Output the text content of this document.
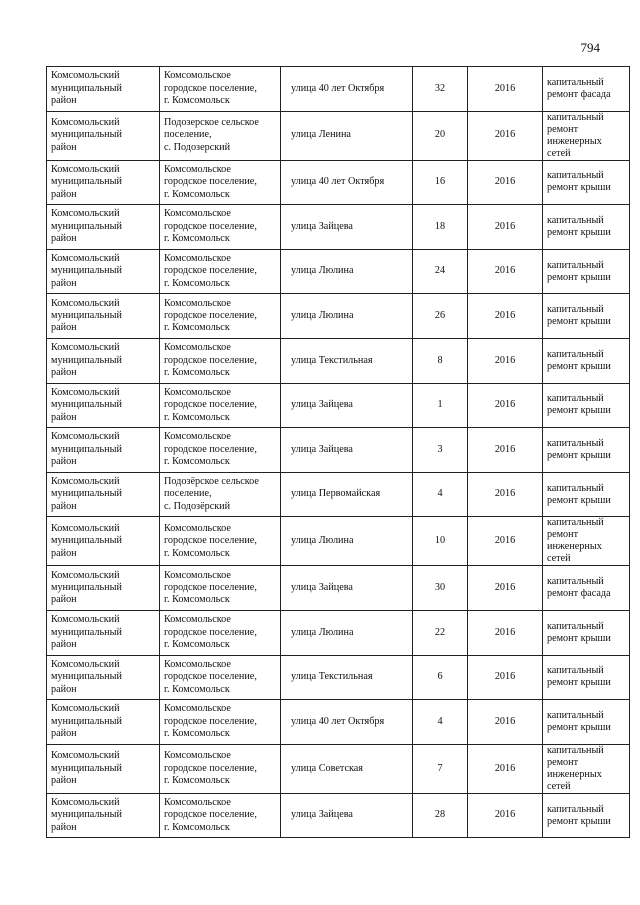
794
Комсомольский
муниципальный
район	Комсомольское
городское поселение,
г. Комсомольск	улица 40 лет Октября	32	2016	капитальный
ремонт фасада

Комсомольский
муниципальный
район	Подозерское сельское
поселение,
с. Подозерский	улица Ленина	20	2016	капитальный
ремонт
инженерных
сетей

Комсомольский
муниципальный
район	Комсомольское
городское поселение,
г. Комсомольск	улица 40 лет Октября	16	2016	капитальный
ремонт крыши

Комсомольский
муниципальный
район	Комсомольское
городское поселение,
г. Комсомольск	улица Зайцева	18	2016	капитальный
ремонт крыши

Комсомольский
муниципальный
район	Комсомольское
городское поселение,
г. Комсомольск	улица Люлина	24	2016	капитальный
ремонт крыши

Комсомольский
муниципальный
район	Комсомольское
городское поселение,
г. Комсомольск	улица Люлина	26	2016	капитальный
ремонт крыши

Комсомольский
муниципальный
район	Комсомольское
городское поселение,
г. Комсомольск	улица Текстильная	8	2016	капитальный
ремонт крыши

Комсомольский
муниципальный
район	Комсомольское
городское поселение,
г. Комсомольск	улица Зайцева	1	2016	капитальный
ремонт крыши

Комсомольский
муниципальный
район	Комсомольское
городское поселение,
г. Комсомольск	улица Зайцева	3	2016	капитальный
ремонт крыши

Комсомольский
муниципальный
район	Подозёрское сельское
поселение,
с. Подозёрский	улица Первомайская	4	2016	капитальный
ремонт крыши

Комсомольский
муниципальный
район	Комсомольское
городское поселение,
г. Комсомольск	улица Люлина	10	2016	капитальный
ремонт
инженерных
сетей

Комсомольский
муниципальный
район	Комсомольское
городское поселение,
г. Комсомольск	улица Зайцева	30	2016	капитальный
ремонт фасада

Комсомольский
муниципальный
район	Комсомольское
городское поселение,
г. Комсомольск	улица Люлина	22	2016	капитальный
ремонт крыши

Комсомольский
муниципальный
район	Комсомольское
городское поселение,
г. Комсомольск	улица Текстильная	6	2016	капитальный
ремонт крыши

Комсомольский
муниципальный
район	Комсомольское
городское поселение,
г. Комсомольск	улица 40 лет Октября	4	2016	капитальный
ремонт крыши

Комсомольский
муниципальный
район	Комсомольское
городское поселение,
г. Комсомольск	улица Советская	7	2016	капитальный
ремонт
инженерных
сетей

Комсомольский
муниципальный
район	Комсомольское
городское поселение,
г. Комсомольск	улица Зайцева	28	2016	капитальный
ремонт крыши
